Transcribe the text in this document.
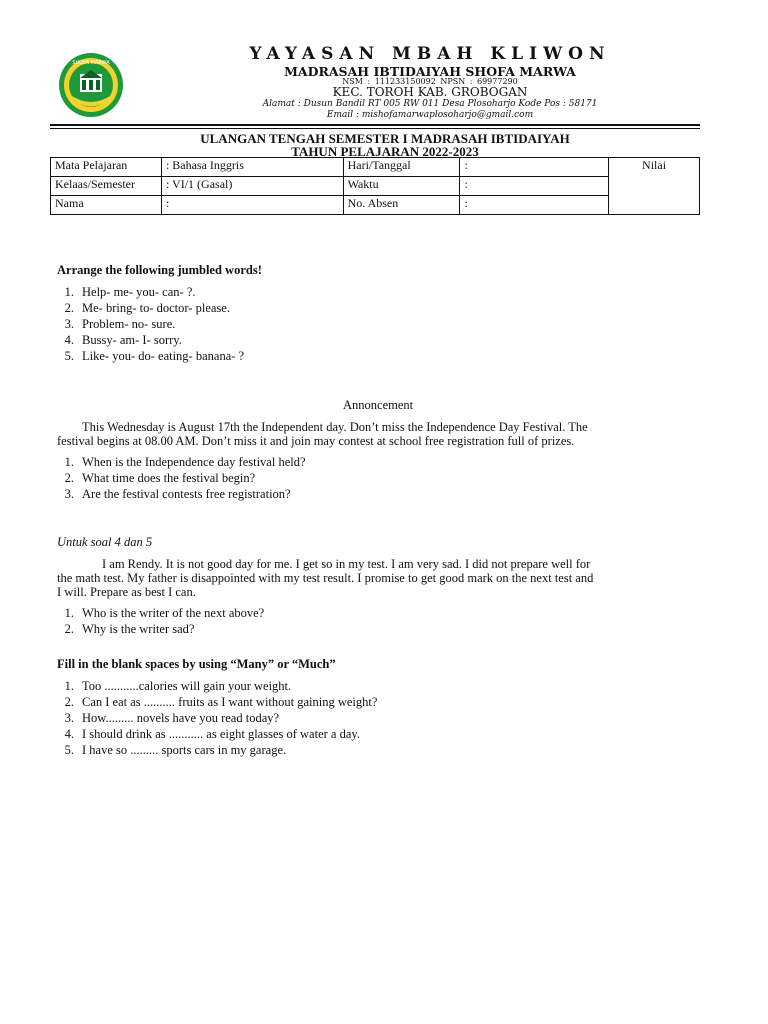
SHOFA MARWA	YAYASAN MBAH KLIWON
MADRASAH IBTIDAIYAH SHOFA MARWA
NSM : 111233150092 NPSN : 69977290
KEC. TOROH KAB. GROBOGAN
Alamat : Dusun Bandil RT 005 RW 011 Desa Plosoharjo Kode Pos : 58171
Email : mishofamarwaplosoharjo@gmail.com
ULANGAN TENGAH SEMESTER I MADRASAH IBTIDAIYAH
TAHUN PELAJARAN 2022-2023
Mata Pelajaran	: Bahasa Inggris	Hari/Tanggal	:	Nilai
Kelaas/Semester	: VI/1 (Gasal)	Waktu	:	
Nama	:	No. Absen	:	
Arrange the following jumbled words!
1. Help- me- you- can- ?.
2. Me- bring- to- doctor- please.
3. Problem- no- sure.
4. Bussy- am- I- sorry.
5. Like- you- do- eating- banana- ?
Annoncement
This Wednesday is August 17th the Independent day. Don’t miss the Independence Day Festival. The
festival begins at 08.00 AM. Don’t miss it and join may contest at school free registration full of prizes.
1. When is the Independence day festival held?
2. What time does the festival begin?
3. Are the festival contests free registration?
Untuk soal 4 dan 5
I am Rendy. It is not good day for me. I get so in my test. I am very sad. I did not prepare well for
the math test. My father is disappointed with my test result. I promise to get good mark on the next test and
I will. Prepare as best I can.
1. Who is the writer of the next above?
2. Why is the writer sad?
Fill in the blank spaces by using “Many” or “Much”
1. Too ...........calories will gain your weight.
2. Can I eat as .......... fruits as I want without gaining weight?
3. How......... novels have you read today?
4. I should drink as ........... as eight glasses of water a day.
5. I have so ......... sports cars in my garage.
